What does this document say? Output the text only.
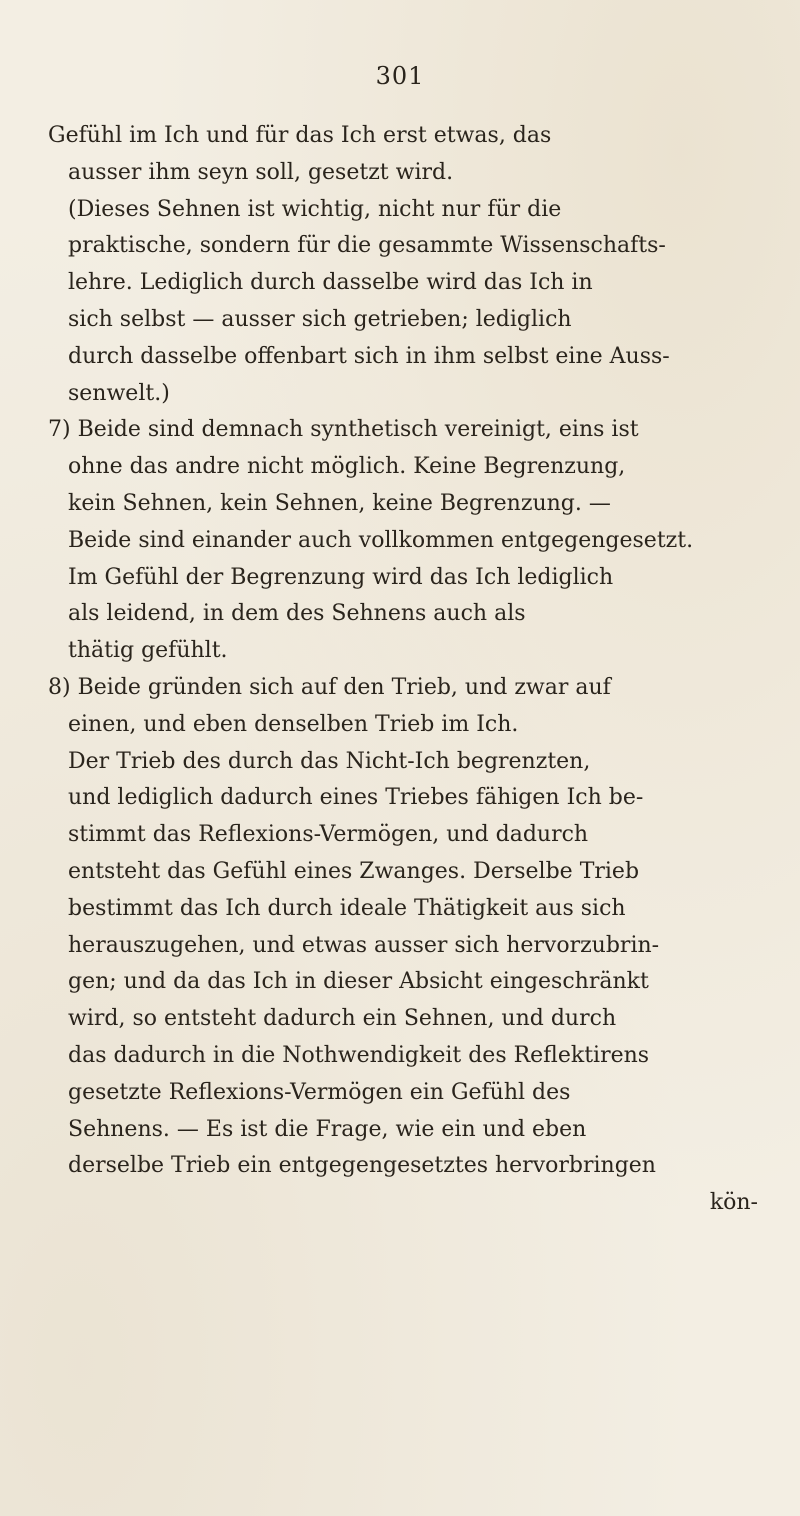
301
Gefühl im Ich und für das Ich erst etwas, das
ausser ihm seyn soll, gesetzt wird.
(Dieses Sehnen ist wichtig, nicht nur für die
praktische, sondern für die gesammte Wissenschafts-
lehre. Lediglich durch dasselbe wird das Ich in
sich selbst — ausser sich getrieben; lediglich
durch dasselbe offenbart sich in ihm selbst eine Auss-
senwelt.)
7) Beide sind demnach synthetisch vereinigt, eins ist
ohne das andre nicht möglich. Keine Begrenzung,
kein Sehnen, kein Sehnen, keine Begrenzung. —
Beide sind einander auch vollkommen entgegengesetzt.
Im Gefühl der Begrenzung wird das Ich lediglich
als leidend, in dem des Sehnens auch als
thätig gefühlt.
8) Beide gründen sich auf den Trieb, und zwar auf
einen, und eben denselben Trieb im Ich.
Der Trieb des durch das Nicht-Ich begrenzten,
und lediglich dadurch eines Triebes fähigen Ich be-
stimmt das Reflexions-Vermögen, und dadurch
entsteht das Gefühl eines Zwanges. Derselbe Trieb
bestimmt das Ich durch ideale Thätigkeit aus sich
herauszugehen, und etwas ausser sich hervorzubrin-
gen; und da das Ich in dieser Absicht eingeschränkt
wird, so entsteht dadurch ein Sehnen, und durch
das dadurch in die Nothwendigkeit des Reflektirens
gesetzte Reflexions-Vermögen ein Gefühl des
Sehnens. — Es ist die Frage, wie ein und eben
derselbe Trieb ein entgegengesetztes hervorbringen
kön-
